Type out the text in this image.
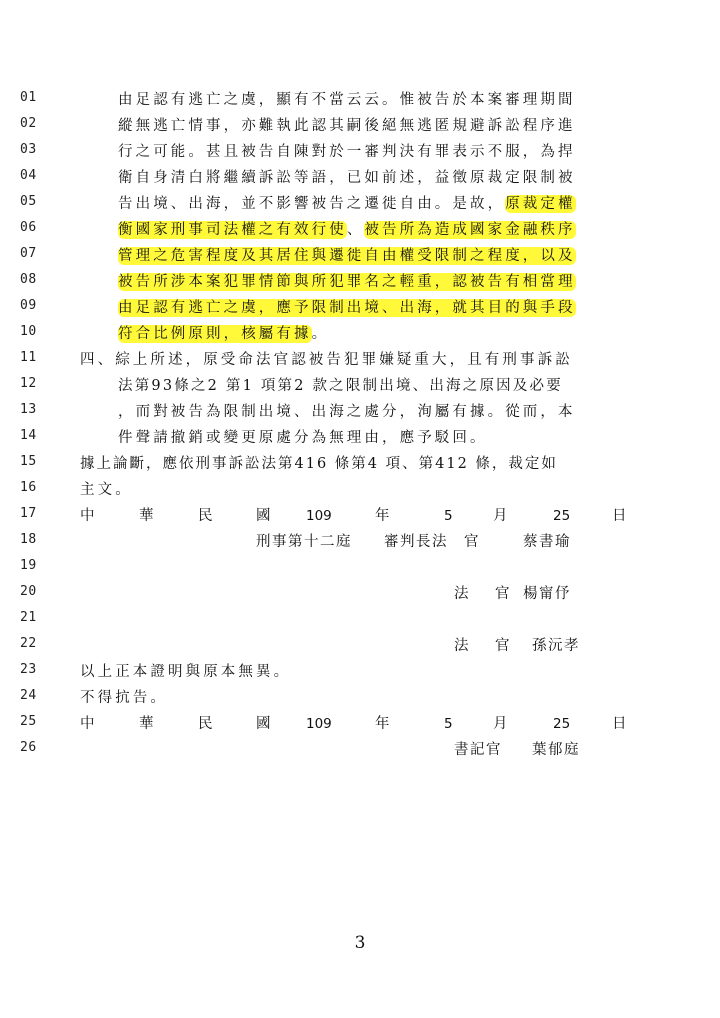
01	由足認有逃亡之虞，顯有不當云云。惟被告於本案審理期間
02	縱無逃亡情事，亦難執此認其嗣後絕無逃匿規避訴訟程序進
03	行之可能。甚且被告自陳對於一審判決有罪表示不服，為捍
04	衛自身清白將繼續訴訟等語，已如前述，益徵原裁定限制被
05	告出境、出海，並不影響被告之遷徙自由。是故，原裁定權
06	衡國家刑事司法權之有效行使、被告所為造成國家金融秩序
07	管理之危害程度及其居住與遷徙自由權受限制之程度，以及
08	被告所涉本案犯罪情節與所犯罪名之輕重，認被告有相當理
09	由足認有逃亡之虞，應予限制出境、出海，就其目的與手段
10	符合比例原則，核屬有據。
11	四、綜上所述，原受命法官認被告犯罪嫌疑重大，且有刑事訴訟
12	法第93條之2 第1 項第2 款之限制出境、出海之原因及必要
13	，而對被告為限制出境、出海之處分，洵屬有據。從而，本
14	件聲請撤銷或變更原處分為無理由，應予駁回。
15	據上論斷，應依刑事訴訟法第416 條第4 項、第412 條，裁定如
16	主文。
17	中	華	民	國	109	年	5	月	25	日
18	刑事第十二庭 審判長法　官	蔡書瑜
19
20	法　官 楊甯伃
21
22	法　官 孫沅孝
23	以上正本證明與原本無異。
24	不得抗告。
25	中	華	民	國	109	年	5	月	25	日
26	書記官 葉郁庭
3
